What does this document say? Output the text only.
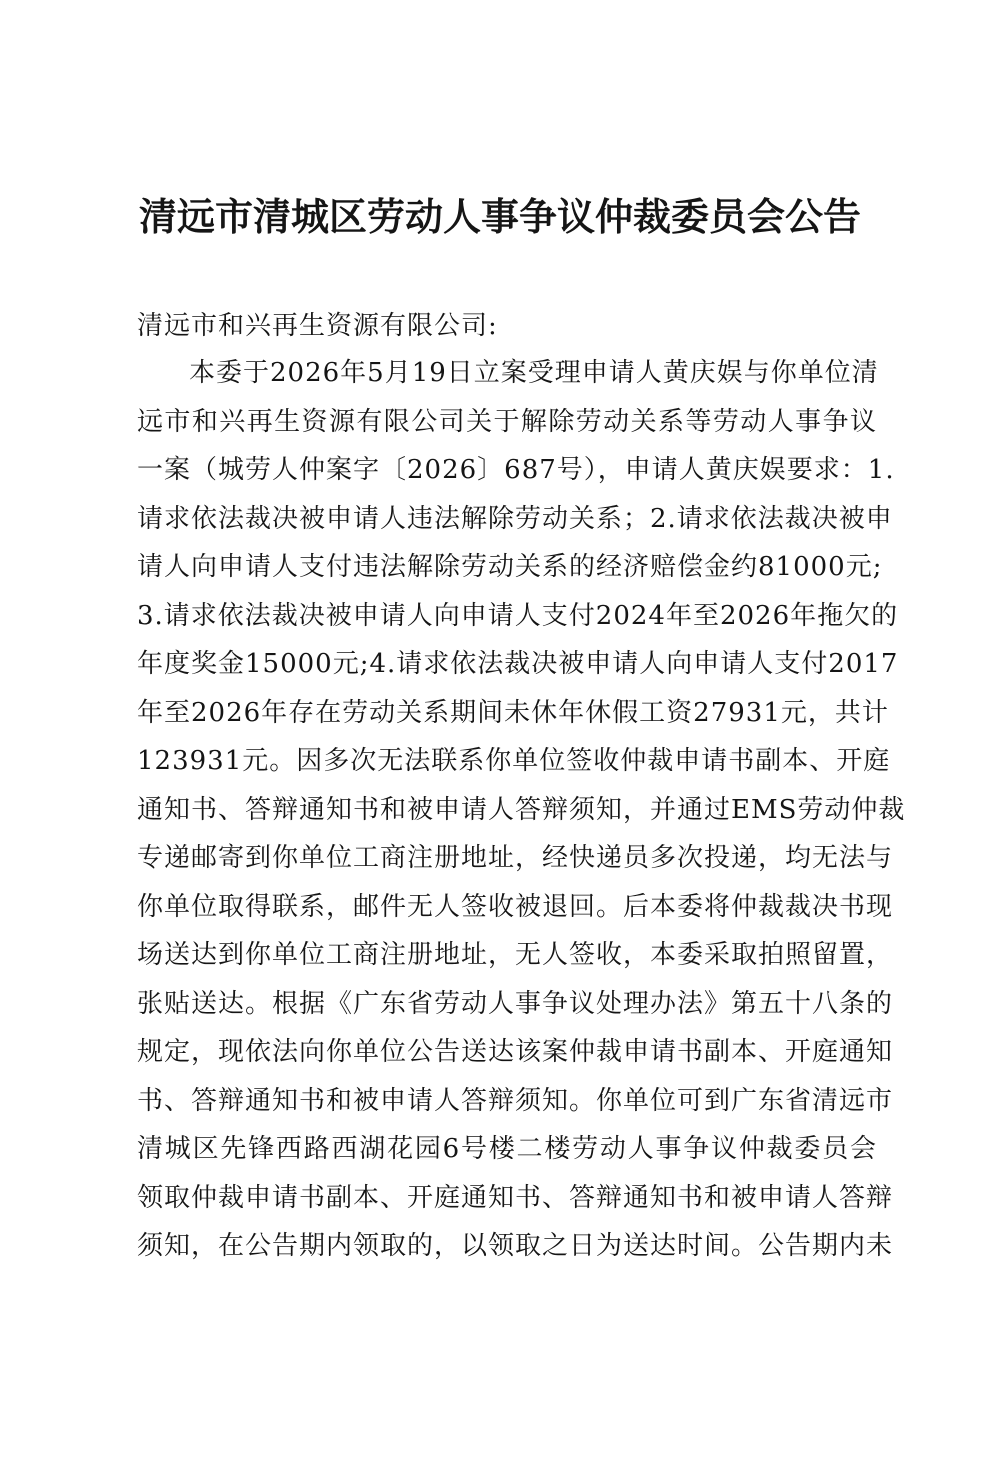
清远市清城区劳动人事争议仲裁委员会公告
清远市和兴再生资源有限公司:
本委于2026年5月19日立案受理申请人黄庆娱与你单位清
远市和兴再生资源有限公司关于解除劳动关系等劳动人事争议
一案（城劳人仲案字〔2026〕687号），申请人黄庆娱要求：1.
请求依法裁决被申请人违法解除劳动关系；2.请求依法裁决被申
请人向申请人支付违法解除劳动关系的经济赔偿金约81000元;
3.请求依法裁决被申请人向申请人支付2024年至2026年拖欠的
年度奖金15000元;4.请求依法裁决被申请人向申请人支付2017
年至2026年存在劳动关系期间未休年休假工资27931元，共计
123931元。因多次无法联系你单位签收仲裁申请书副本、开庭
通知书、答辩通知书和被申请人答辩须知，并通过EMS劳动仲裁
专递邮寄到你单位工商注册地址，经快递员多次投递，均无法与
你单位取得联系，邮件无人签收被退回。后本委将仲裁裁决书现
场送达到你单位工商注册地址，无人签收，本委采取拍照留置，
张贴送达。根据《广东省劳动人事争议处理办法》第五十八条的
规定，现依法向你单位公告送达该案仲裁申请书副本、开庭通知
书、答辩通知书和被申请人答辩须知。你单位可到广东省清远市
清城区先锋西路西湖花园6号楼二楼劳动人事争议仲裁委员会
领取仲裁申请书副本、开庭通知书、答辩通知书和被申请人答辩
须知，在公告期内领取的，以领取之日为送达时间。公告期内未
